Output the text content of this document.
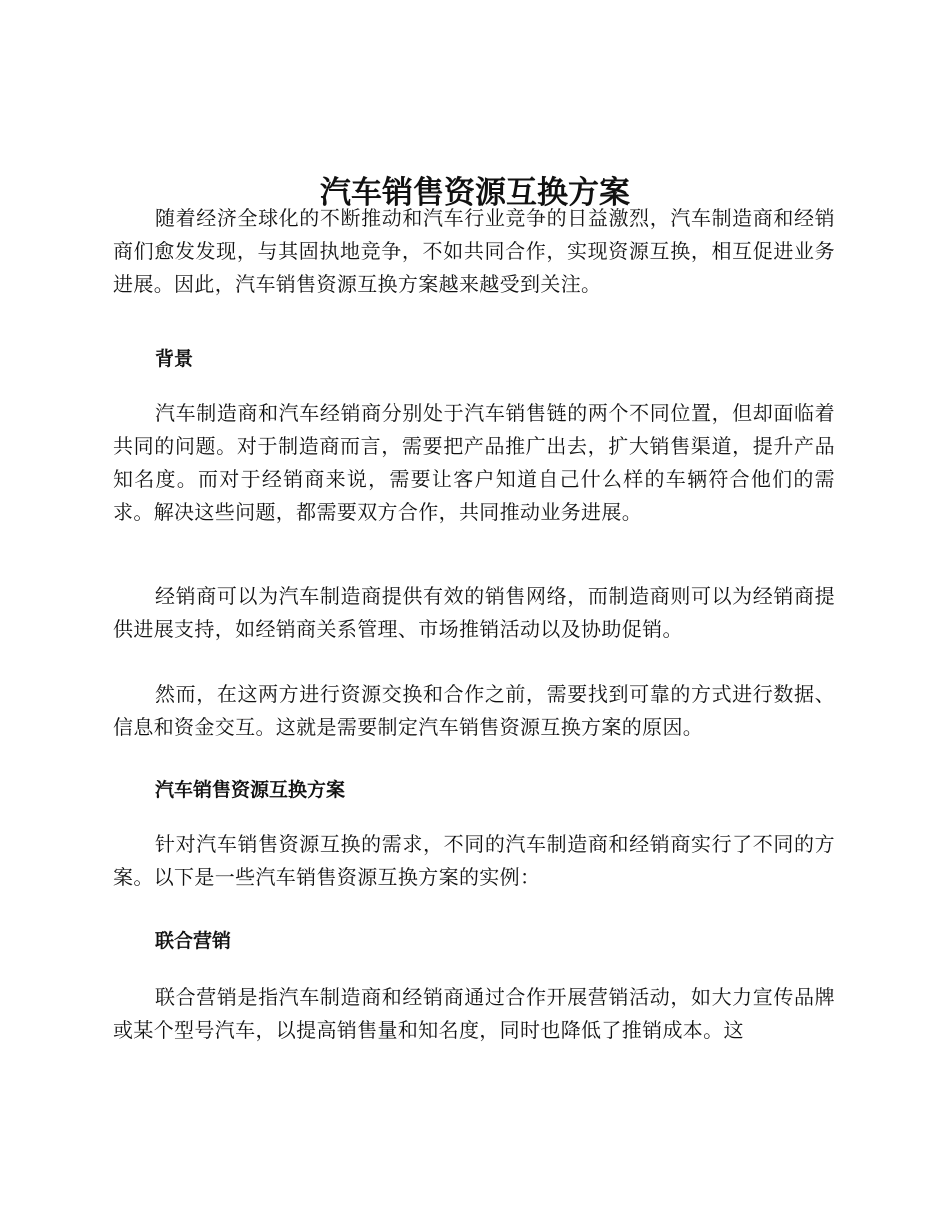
汽车销售资源互换方案

随着经济全球化的不断推动和汽车行业竞争的日益激烈，汽车制造商和经销商们愈发发现，与其固执地竞争，不如共同合作，实现资源互换，相互促进业务进展。因此，汽车销售资源互换方案越来越受到关注。

背景

汽车制造商和汽车经销商分别处于汽车销售链的两个不同位置，但却面临着共同的问题。对于制造商而言，需要把产品推广出去，扩大销售渠道，提升产品知名度。而对于经销商来说，需要让客户知道自己什么样的车辆符合他们的需求。解决这些问题，都需要双方合作，共同推动业务进展。

经销商可以为汽车制造商提供有效的销售网络，而制造商则可以为经销商提供进展支持，如经销商关系管理、市场推销活动以及协助促销。

然而，在这两方进行资源交换和合作之前，需要找到可靠的方式进行数据、信息和资金交互。这就是需要制定汽车销售资源互换方案的原因。

汽车销售资源互换方案

针对汽车销售资源互换的需求，不同的汽车制造商和经销商实行了不同的方案。以下是一些汽车销售资源互换方案的实例：

联合营销

联合营销是指汽车制造商和经销商通过合作开展营销活动，如大力宣传品牌或某个型号汽车，以提高销售量和知名度，同时也降低了推销成本。这
